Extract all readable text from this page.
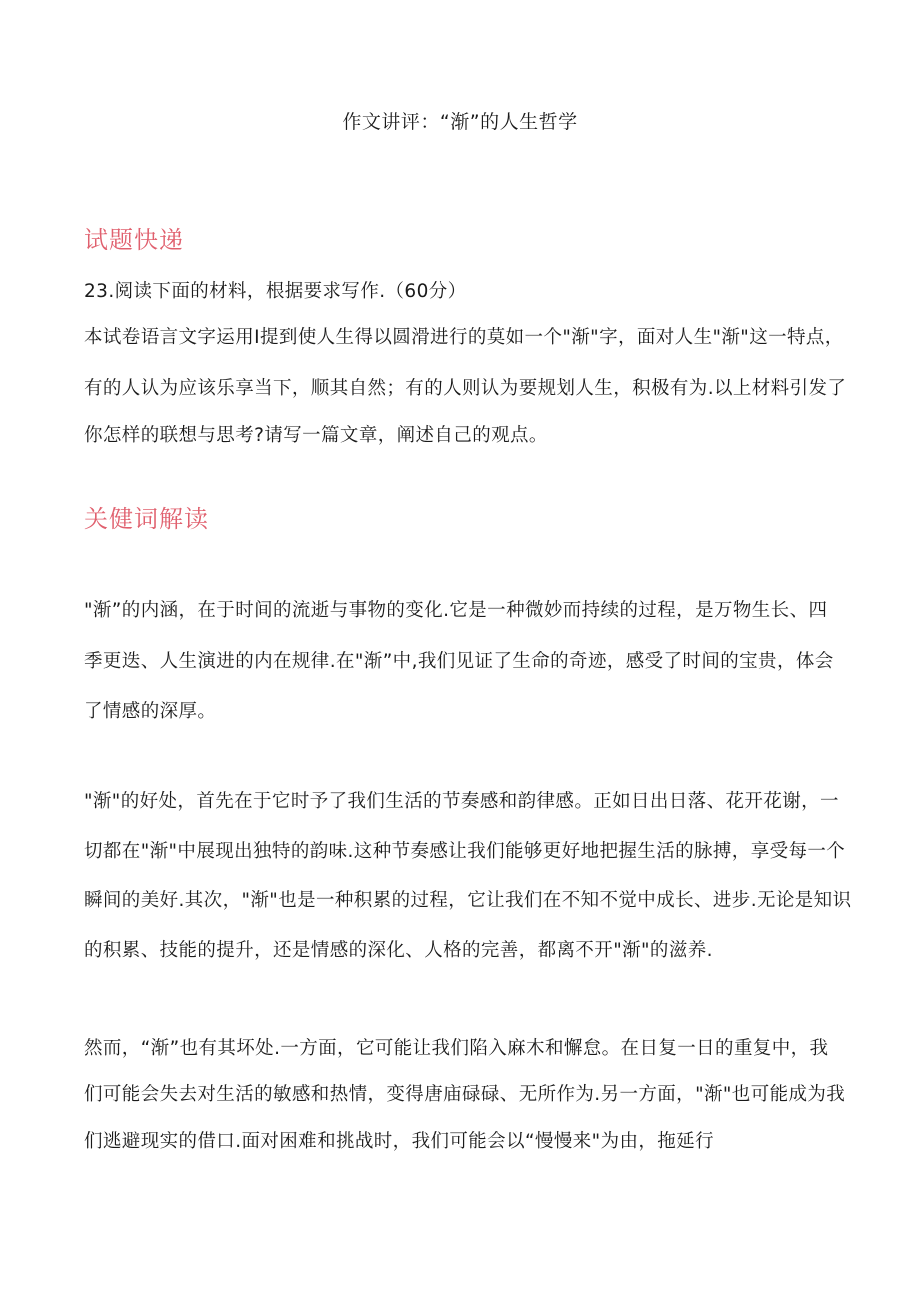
作文讲评：“渐”的人生哲学
试题快递
23.阅读下面的材料，根据要求写作.（60分）
本试卷语言文字运用Ⅰ提到使人生得以圆滑进行的莫如一个"渐"字，面对人生"渐"这一特点，
有的人认为应该乐享当下，顺其自然；有的人则认为要规划人生，积极有为.以上材料引发了
你怎样的联想与思考?请写一篇文章，阐述自己的观点。
关健词解读
"渐”的内涵，在于时间的流逝与事物的变化.它是一种微妙而持续的过程，是万物生长、四
季更迭、人生演进的内在规律.在"渐”中,我们见证了生命的奇迹，感受了时间的宝贵，体会
了情感的深厚。
"渐"的好处，首先在于它时予了我们生活的节奏感和韵律感。正如日出日落、花开花谢，一
切都在"渐"中展现出独特的韵味.这种节奏感让我们能够更好地把握生活的脉搏，享受每一个
瞬间的美好.其次，"渐"也是一种积累的过程，它让我们在不知不觉中成长、进步.无论是知识
的积累、技能的提升，还是情感的深化、人格的完善，都离不开"渐"的滋养.
然而，“渐”也有其坏处.一方面，它可能让我们陷入麻木和懈怠。在日复一日的重复中，我
们可能会失去对生活的敏感和热情，变得唐庙碌碌、无所作为.另一方面，"渐"也可能成为我
们逃避现实的借口.面对困难和挑战时，我们可能会以“慢慢来"为由，拖延行
